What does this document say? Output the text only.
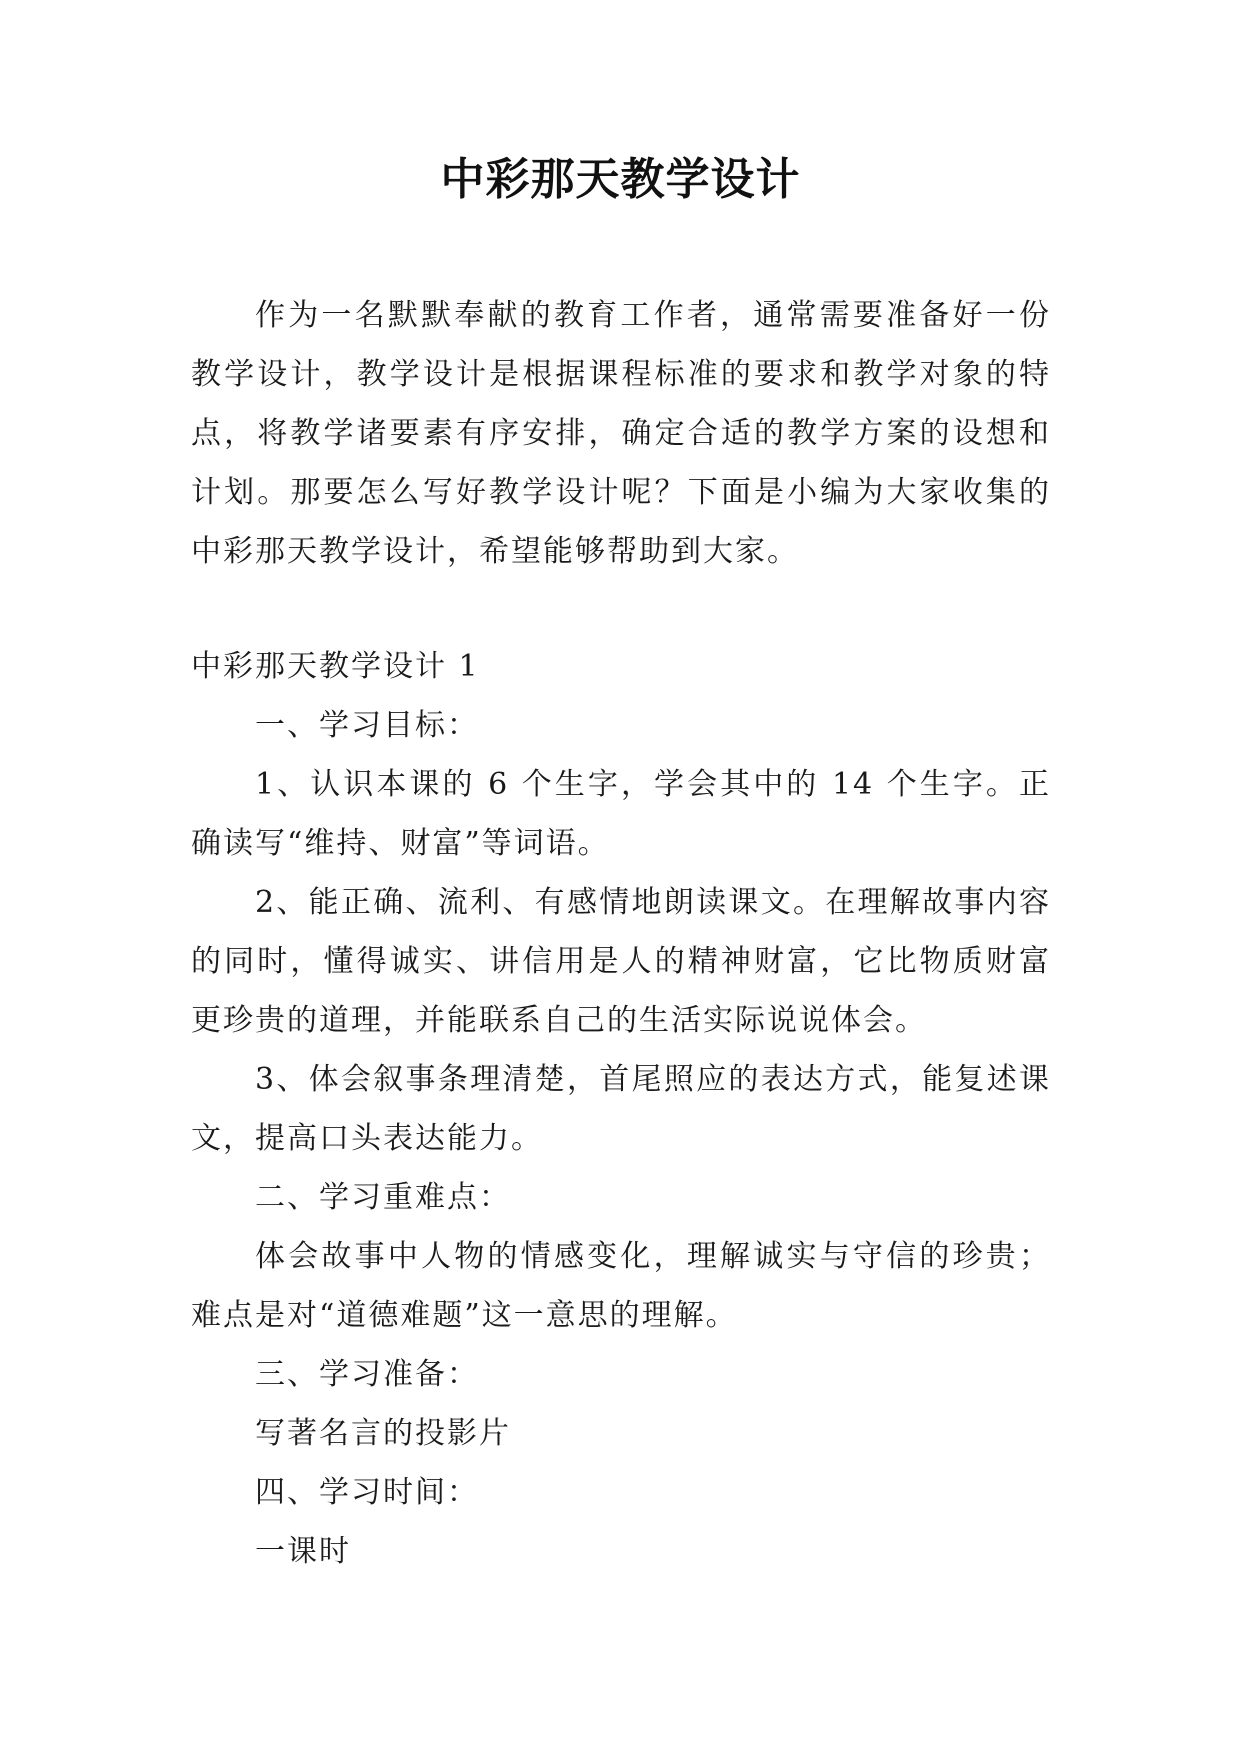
中彩那天教学设计

作为一名默默奉献的教育工作者，通常需要准备好一份教学设计，教学设计是根据课程标准的要求和教学对象的特点，将教学诸要素有序安排，确定合适的教学方案的设想和计划。那要怎么写好教学设计呢？下面是小编为大家收集的中彩那天教学设计，希望能够帮助到大家。

中彩那天教学设计 1

一、学习目标：

1、认识本课的 6 个生字，学会其中的 14 个生字。正确读写“维持、财富”等词语。

2、能正确、流利、有感情地朗读课文。在理解故事内容的同时，懂得诚实、讲信用是人的精神财富，它比物质财富更珍贵的道理，并能联系自己的生活实际说说体会。

3、体会叙事条理清楚，首尾照应的表达方式，能复述课文，提高口头表达能力。

二、学习重难点：

体会故事中人物的情感变化，理解诚实与守信的珍贵；难点是对“道德难题”这一意思的理解。

三、学习准备：

写著名言的投影片

四、学习时间：

一课时
